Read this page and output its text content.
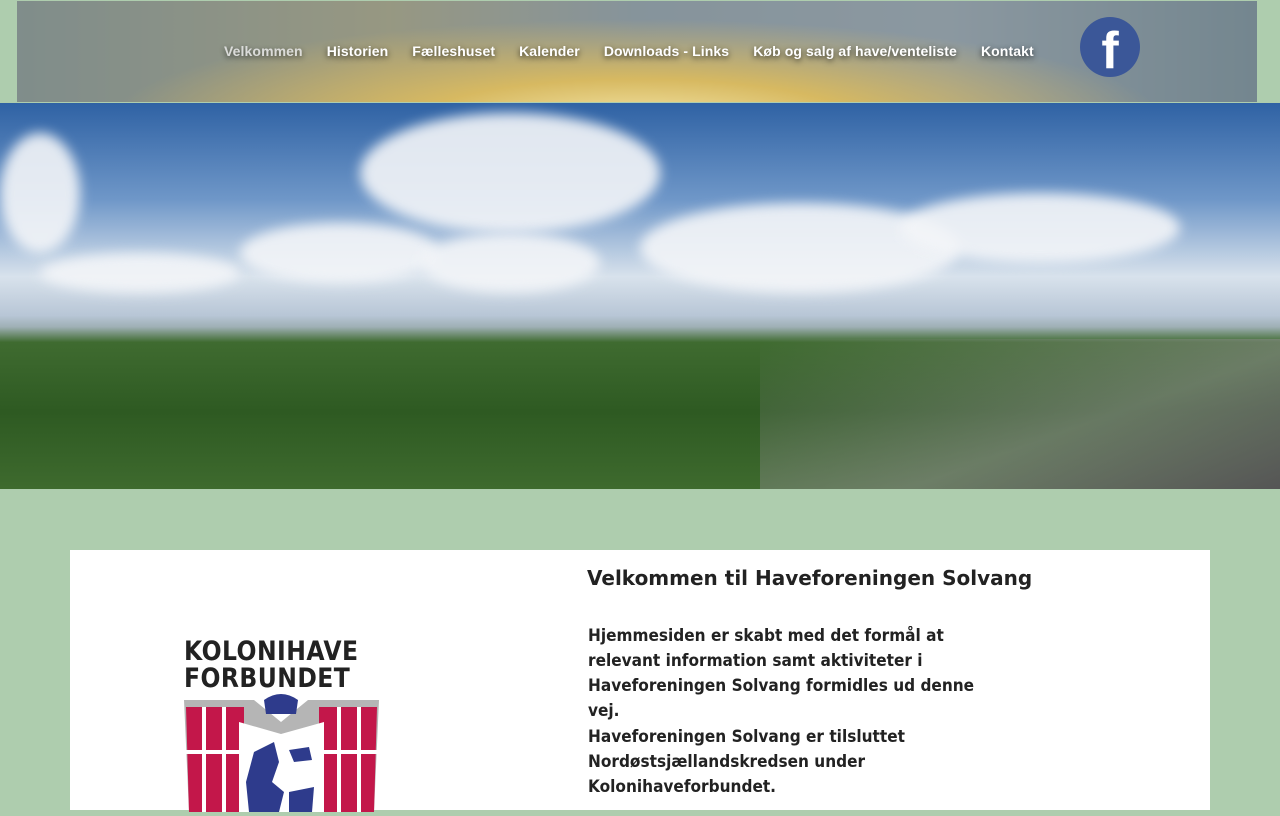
Velkommen Historien Fælleshuset Kalender Downloads - Links Køb og salg af have/venteliste Kontakt	f
KOLONIHAVE
FORBUNDET
Velkommen til Haveforeningen Solvang

Hjemmesiden er skabt med det formål at relevant information samt aktiviteter i Haveforeningen Solvang formidles ud denne vej.

Haveforeningen Solvang er tilsluttet Nordøstsjællandskredsen under Kolonihaveforbundet.
